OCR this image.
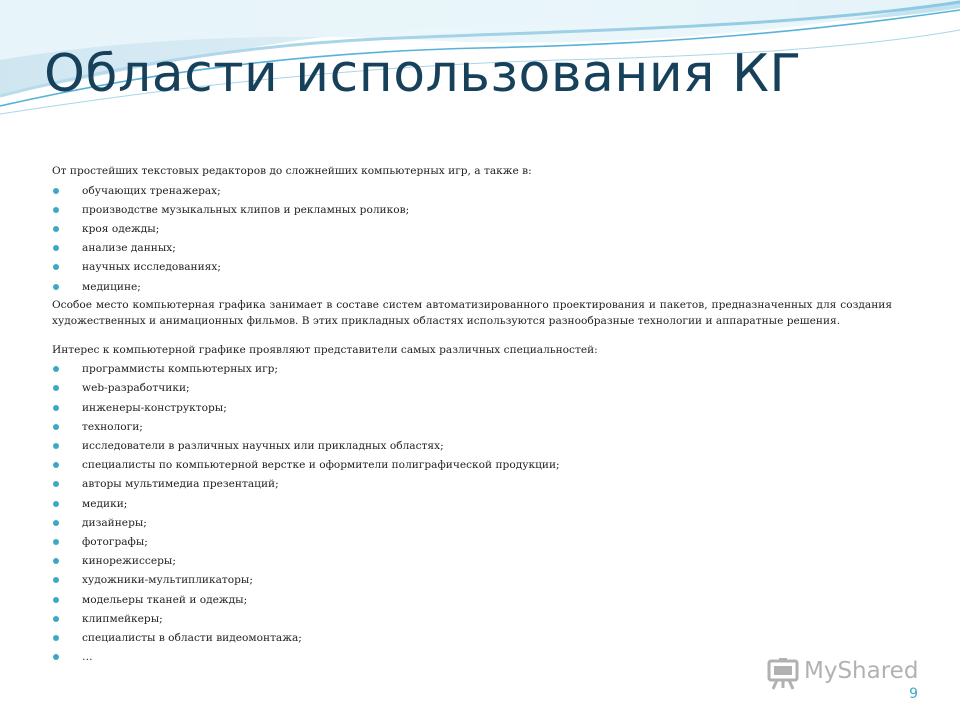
Области использования КГ

От простейших текстовых редакторов до сложнейших компьютерных игр, а также в:

обучающих тренажерах;
производстве музыкальных клипов и рекламных роликов;
кроя одежды;
анализе данных;
научных исследованиях;
медицине;

Особое место компьютерная графика занимает в составе систем автоматизированного проектирования и пакетов, предназначенных для создания художественных и анимационных фильмов. В этих прикладных областях используются разнообразные технологии и аппаратные решения.

Интерес к компьютерной графике проявляют представители самых различных специальностей:

программисты компьютерных игр;
web-разработчики;
инженеры-конструкторы;
технологи;
исследователи в различных научных или прикладных областях;
специалисты по компьютерной верстке и оформители полиграфической продукции;
авторы мультимедиа презентаций;
медики;
дизайнеры;
фотографы;
кинорежиссеры;
художники-мультипликаторы;
модельеры тканей и одежды;
клипмейкеры;
специалисты в области видеомонтажа;
…
MyShared
9
